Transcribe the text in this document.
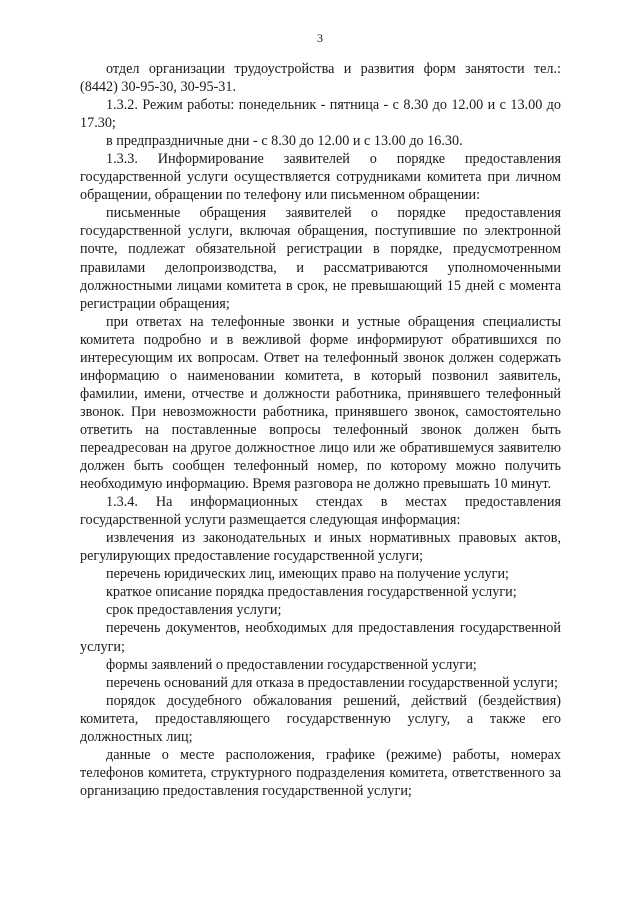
3

отдел организации трудоустройства и развития форм занятости тел.: (8442) 30-95-30, 30-95-31.

1.3.2. Режим работы: понедельник - пятница - с 8.30 до 12.00 и с 13.00 до 17.30;

в предпраздничные дни - с 8.30 до 12.00 и с 13.00 до 16.30.

1.3.3. Информирование заявителей о порядке предоставления государственной услуги осуществляется сотрудниками комитета при личном обращении, обращении по телефону или письменном обращении:

письменные обращения заявителей о порядке предоставления государственной услуги, включая обращения, поступившие по электронной почте, подлежат обязательной регистрации в порядке, предусмотренном правилами делопроизводства, и рассматриваются уполномоченными должностными лицами комитета в срок, не превышающий 15 дней с момента регистрации обращения;

при ответах на телефонные звонки и устные обращения специалисты комитета подробно и в вежливой форме информируют обратившихся по интересующим их вопросам. Ответ на телефонный звонок должен содержать информацию о наименовании комитета, в который позвонил заявитель, фамилии, имени, отчестве и должности работника, принявшего телефонный звонок. При невозможности работника, принявшего звонок, самостоятельно ответить на поставленные вопросы телефонный звонок должен быть переадресован на другое должностное лицо или же обратившемуся заявителю должен быть сообщен телефонный номер, по которому можно получить необходимую информацию. Время разговора не должно превышать 10 минут.

1.3.4. На информационных стендах в местах предоставления государственной услуги размещается следующая информация:

извлечения из законодательных и иных нормативных правовых актов, регулирующих предоставление государственной услуги;

перечень юридических лиц, имеющих право на получение услуги;

краткое описание порядка предоставления государственной услуги;

срок предоставления услуги;

перечень документов, необходимых для предоставления государственной услуги;

формы заявлений о предоставлении государственной услуги;

перечень оснований для отказа в предоставлении государственной услуги;

порядок досудебного обжалования решений, действий (бездействия) комитета, предоставляющего государственную услугу, а также его должностных лиц;

данные о месте расположения, графике (режиме) работы, номерах телефонов комитета, структурного подразделения комитета, ответственного за организацию предоставления государственной услуги;
